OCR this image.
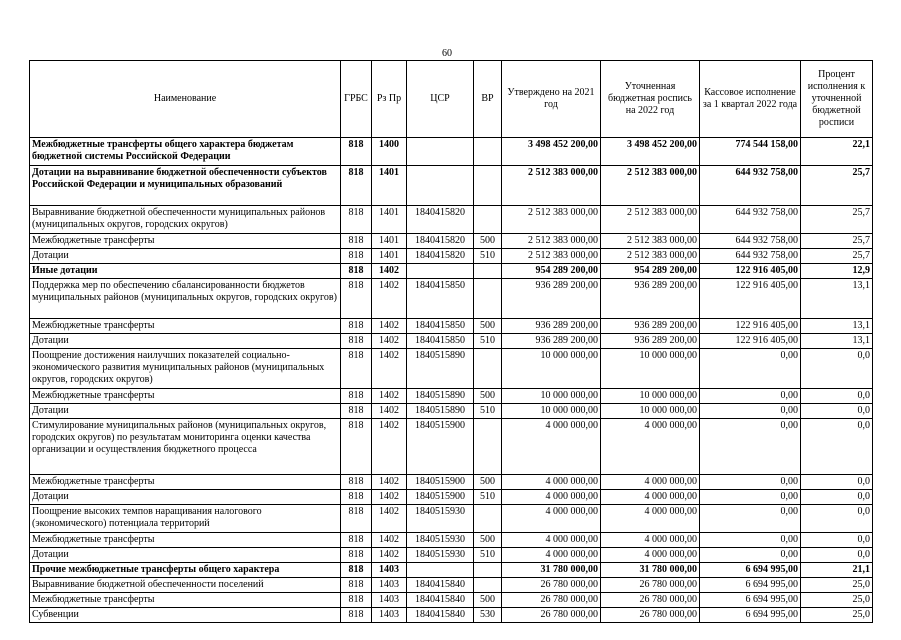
60
Наименование	ГРБС	Рз Пр	ЦСР	ВР	Утверждено на 2021 год	Уточненная бюджетная роспись на 2022 год	Кассовое исполнение за 1 квартал 2022 года	Процент исполнения к уточненной бюджетной росписи
Межбюджетные трансферты общего характера бюджетам бюджетной системы Российской Федерации	818	1400			3 498 452 200,00	3 498 452 200,00	774 544 158,00	22,1
Дотации на выравнивание бюджетной обеспеченности субъектов Российской Федерации и муниципальных образований	818	1401			2 512 383 000,00	2 512 383 000,00	644 932 758,00	25,7
Выравнивание бюджетной обеспеченности муниципальных районов (муниципальных округов, городских округов)	818	1401	1840415820		2 512 383 000,00	2 512 383 000,00	644 932 758,00	25,7
Межбюджетные трансферты	818	1401	1840415820	500	2 512 383 000,00	2 512 383 000,00	644 932 758,00	25,7
Дотации	818	1401	1840415820	510	2 512 383 000,00	2 512 383 000,00	644 932 758,00	25,7
Иные дотации	818	1402			954 289 200,00	954 289 200,00	122 916 405,00	12,9
Поддержка мер по обеспечению сбалансированности бюджетов муниципальных районов (муниципальных округов, городских округов)	818	1402	1840415850		936 289 200,00	936 289 200,00	122 916 405,00	13,1
Межбюджетные трансферты	818	1402	1840415850	500	936 289 200,00	936 289 200,00	122 916 405,00	13,1
Дотации	818	1402	1840415850	510	936 289 200,00	936 289 200,00	122 916 405,00	13,1
Поощрение достижения наилучших показателей социально-экономического развития муниципальных районов (муниципальных округов, городских округов)	818	1402	1840515890		10 000 000,00	10 000 000,00	0,00	0,0
Межбюджетные трансферты	818	1402	1840515890	500	10 000 000,00	10 000 000,00	0,00	0,0
Дотации	818	1402	1840515890	510	10 000 000,00	10 000 000,00	0,00	0,0
Стимулирование муниципальных районов (муниципальных округов, городских округов) по результатам мониторинга оценки качества организации и осуществления бюджетного процесса	818	1402	1840515900		4 000 000,00	4 000 000,00	0,00	0,0
Межбюджетные трансферты	818	1402	1840515900	500	4 000 000,00	4 000 000,00	0,00	0,0
Дотации	818	1402	1840515900	510	4 000 000,00	4 000 000,00	0,00	0,0
Поощрение высоких темпов наращивания налогового (экономического) потенциала территорий	818	1402	1840515930		4 000 000,00	4 000 000,00	0,00	0,0
Межбюджетные трансферты	818	1402	1840515930	500	4 000 000,00	4 000 000,00	0,00	0,0
Дотации	818	1402	1840515930	510	4 000 000,00	4 000 000,00	0,00	0,0
Прочие межбюджетные трансферты общего характера	818	1403			31 780 000,00	31 780 000,00	6 694 995,00	21,1
Выравнивание бюджетной обеспеченности поселений	818	1403	1840415840		26 780 000,00	26 780 000,00	6 694 995,00	25,0
Межбюджетные трансферты	818	1403	1840415840	500	26 780 000,00	26 780 000,00	6 694 995,00	25,0
Субвенции	818	1403	1840415840	530	26 780 000,00	26 780 000,00	6 694 995,00	25,0
